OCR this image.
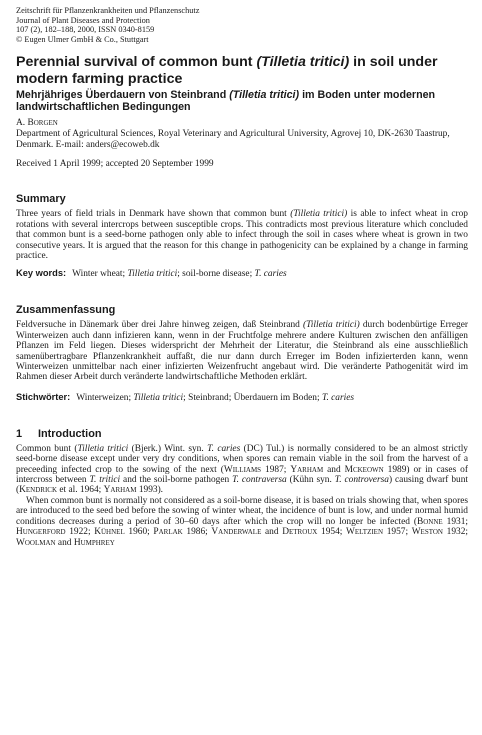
Zeitschrift für Pflanzenkrankheiten und Pflanzenschutz
Journal of Plant Diseases and Protection
107 (2), 182–188, 2000, ISSN 0340-8159
© Eugen Ulmer GmbH & Co., Stuttgart
Perennial survival of common bunt (Tilletia tritici) in soil under modern farming practice
Mehrjähriges Überdauern von Steinbrand (Tilletia tritici) im Boden unter modernen landwirtschaftlichen Bedingungen
A. Borgen
Department of Agricultural Sciences, Royal Veterinary and Agricultural University, Agrovej 10, DK-2630 Taastrup, Denmark. E-mail: anders@ecoweb.dk
Received 1 April 1999; accepted 20 September 1999
Summary
Three years of field trials in Denmark have shown that common bunt (Tilletia tritici) is able to infect wheat in crop rotations with several intercrops between susceptible crops. This contradicts most previous literature which concluded that common bunt is a seed-borne pathogen only able to infect through the soil in cases where wheat is grown in two consecutive years. It is argued that the reason for this change in pathogenicity can be explained by a change in farming practice.
Key words: Winter wheat; Tilletia tritici; soil-borne disease; T. caries
Zusammenfassung
Feldversuche in Dänemark über drei Jahre hinweg zeigen, daß Steinbrand (Tilletia tritici) durch bodenbürtige Erreger Winterweizen auch dann infizieren kann, wenn in der Fruchtfolge mehrere andere Kulturen zwischen den anfälligen Pflanzen im Feld liegen. Dieses widerspricht der Mehrheit der Literatur, die Steinbrand als eine ausschließlich samenübertragbare Pflanzenkrankheit auffaßt, die nur dann durch Erreger im Boden infizierterden kann, wenn Winterweizen unmittelbar nach einer infizierten Weizenfrucht angebaut wird. Die veränderte Pathogenität wird im Rahmen dieser Arbeit durch veränderte landwirtschaftliche Methoden erklärt.
Stichwörter: Winterweizen; Tilletia tritici; Steinbrand; Überdauern im Boden; T. caries
1 Introduction
Common bunt (Tilletia tritici (Bjerk.) Wint. syn. T. caries (DC) Tul.) is normally considered to be an almost strictly seed-borne disease except under very dry conditions, when spores can remain viable in the soil from the harvest of a preceeding infected crop to the sowing of the next (Williams 1987; Yarham and Mckeown 1989) or in cases of intercross between T. tritici and the soil-borne pathogen T. contraversa (Kühn syn. T. controversa) causing dwarf bunt (Kendrick et al. 1964; Yarham 1993).
When common bunt is normally not considered as a soil-borne disease, it is based on trials showing that, when spores are introduced to the seed bed before the sowing of winter wheat, the incidence of bunt is low, and under normal humid conditions decreases during a period of 30–60 days after which the crop will no longer be infected (Bonne 1931; Hungerford 1922; Kühnel 1960; Parlak 1986; Vanderwale and Detroux 1954; Weltzien 1957; Weston 1932; Woolman and Humphrey
